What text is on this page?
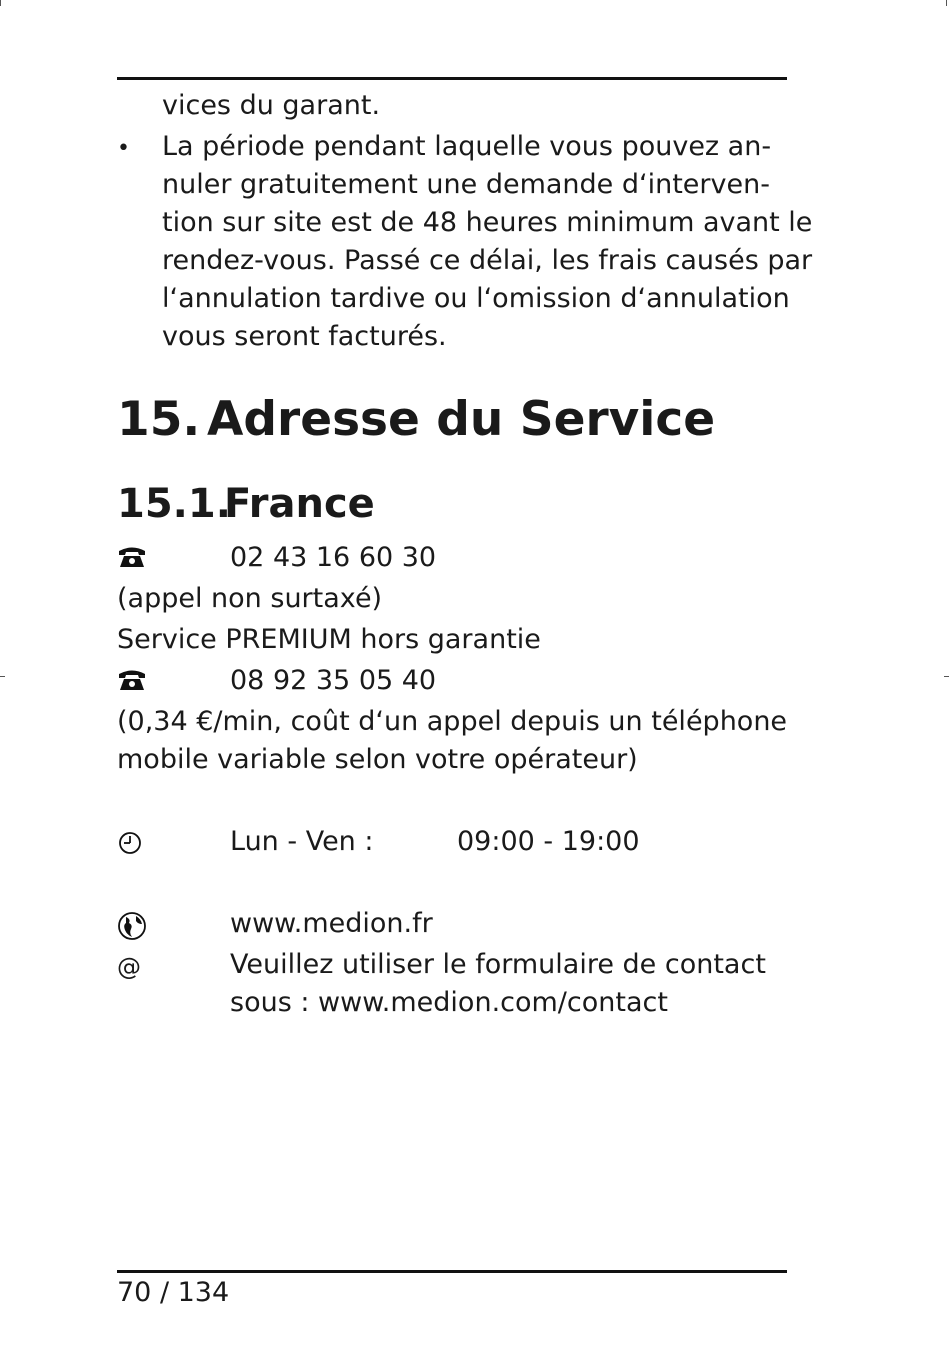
vices du garant.
• La période pendant laquelle vous pouvez an-
nuler gratuitement une demande d‘interven-
tion sur site est de 48 heures minimum avant le
rendez-vous. Passé ce délai, les frais causés par
l‘annulation tardive ou l‘omission d‘annulation
vous seront facturés.
15. Adresse du Service
15.1.France
02 43 16 60 30
(appel non surtaxé)
Service PREMIUM hors garantie
08 92 35 05 40
(0,34 €/min, coût d‘un appel depuis un téléphone
mobile variable selon votre opérateur)
Lun - Ven :	09:00 - 19:00
www.medion.fr
@	Veuillez utiliser le formulaire de contact
sous : www.medion.com/contact
70 / 134
